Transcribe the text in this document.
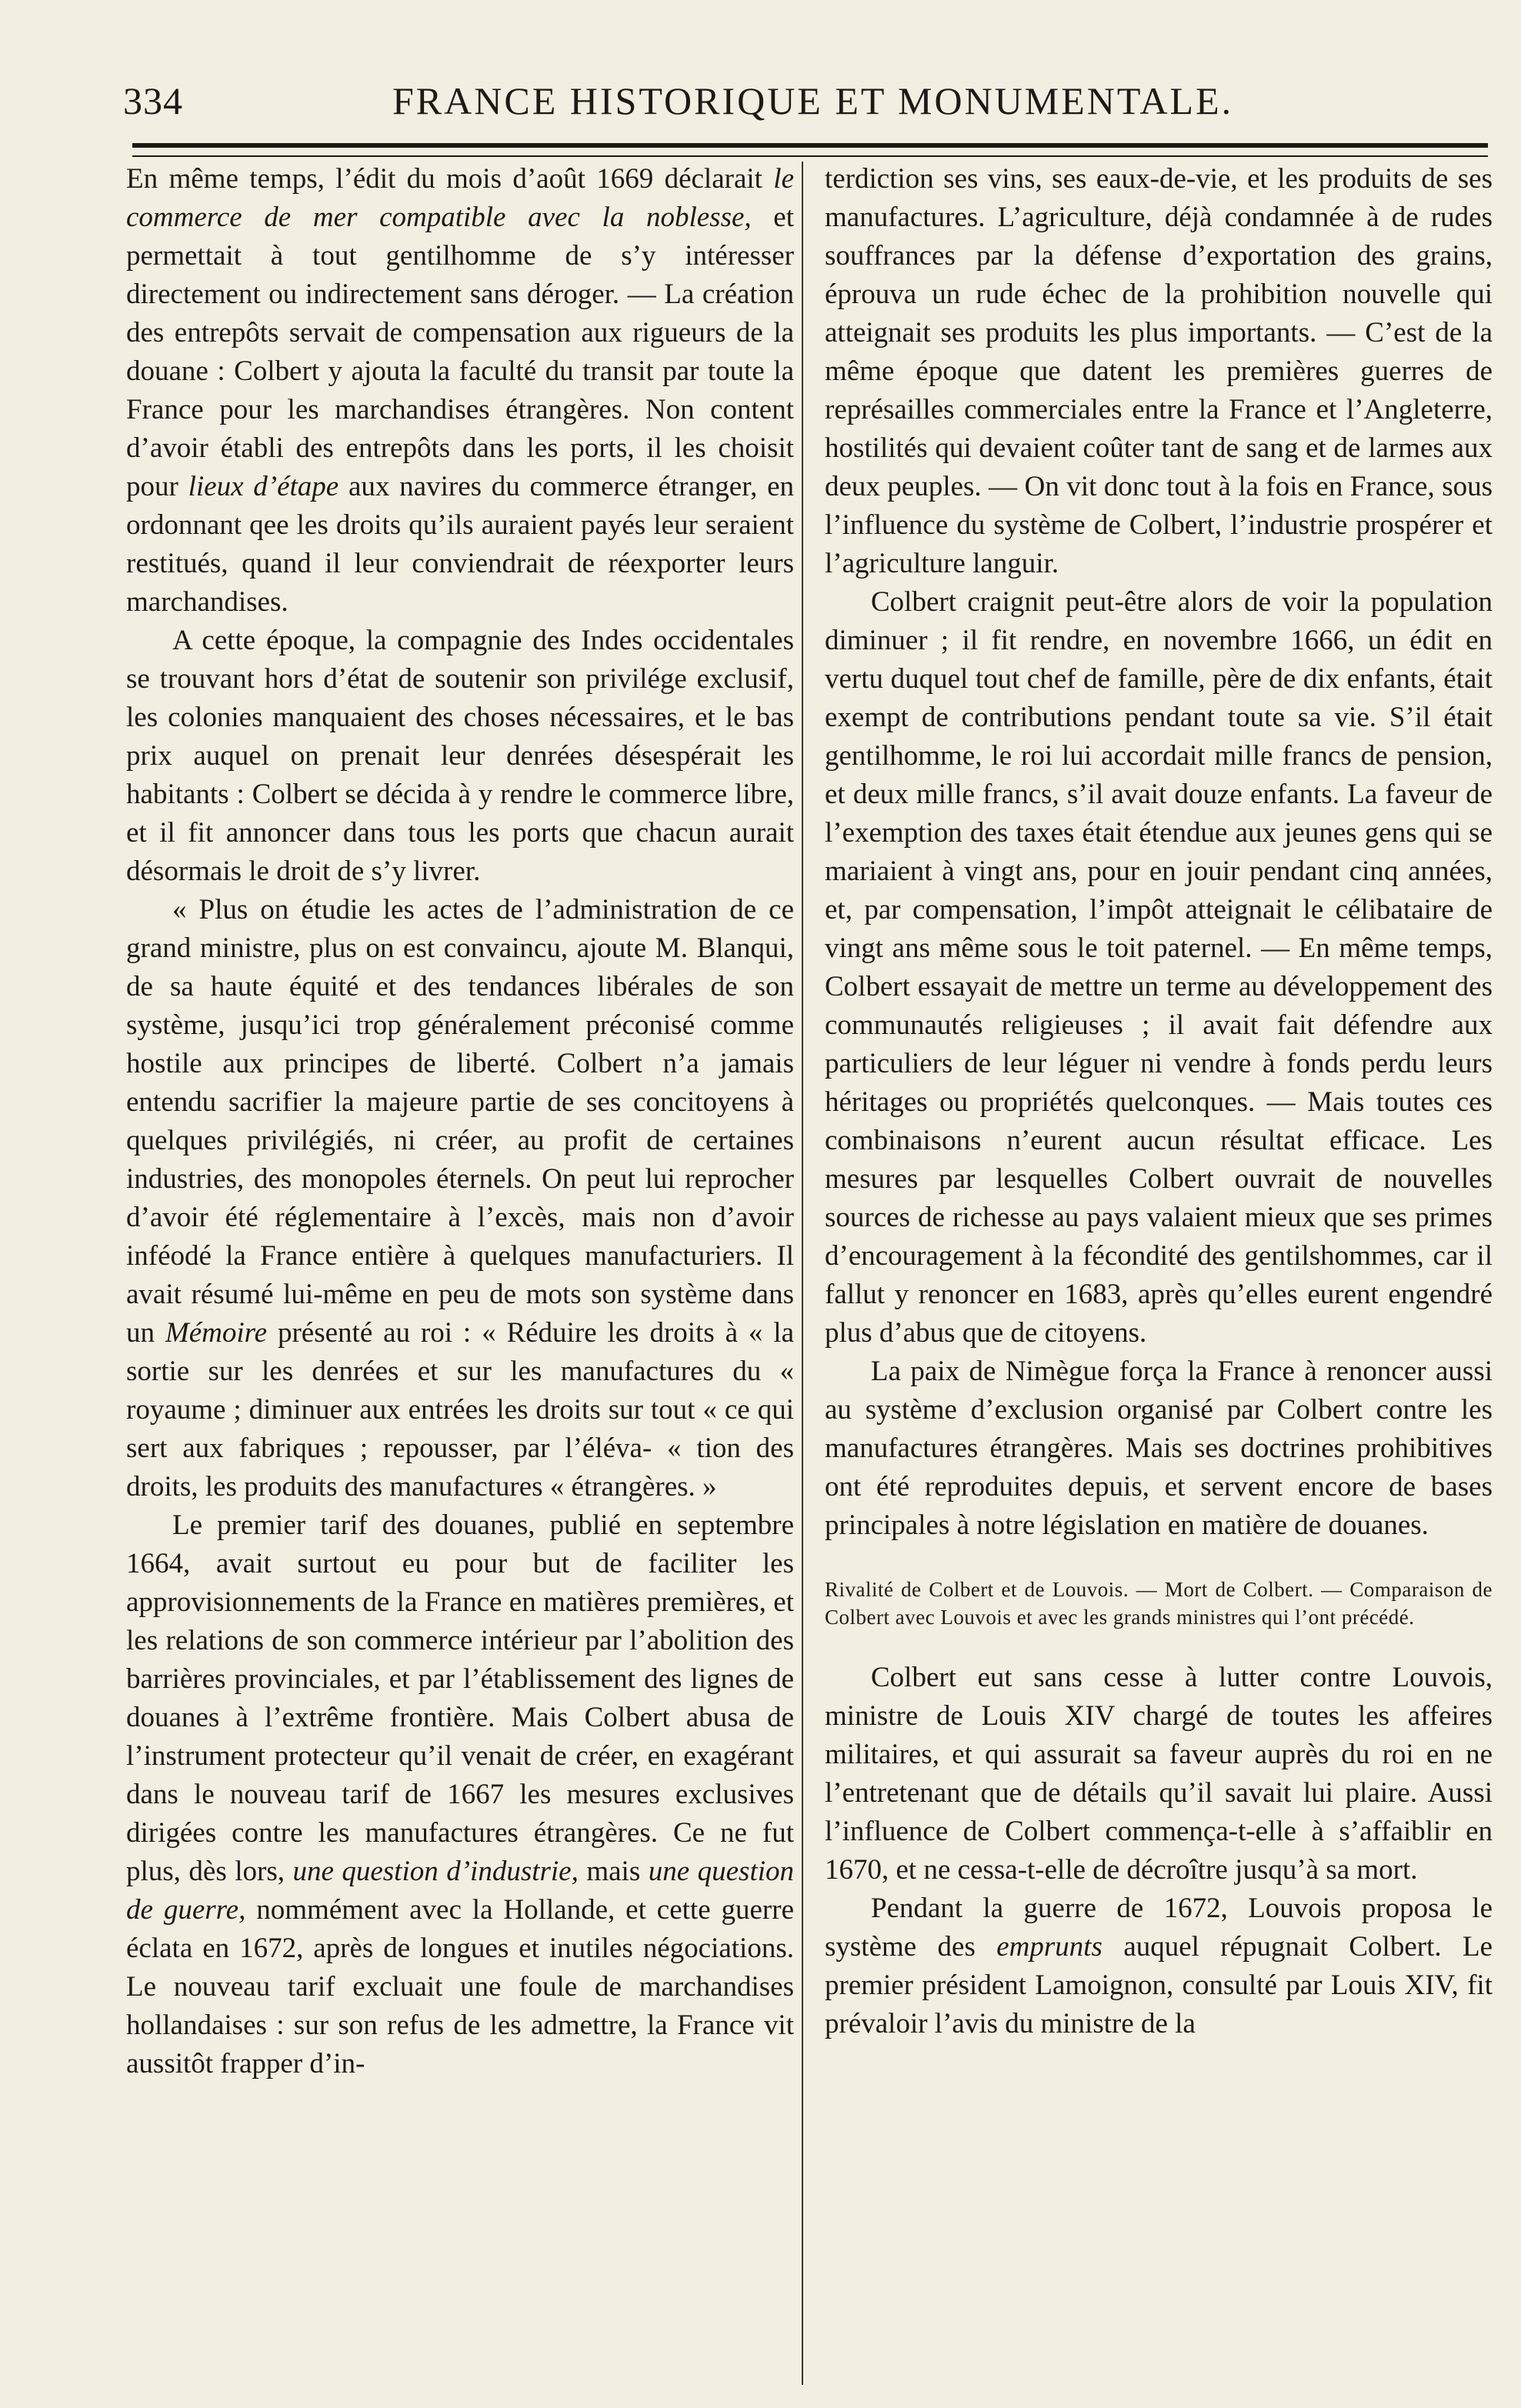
334	FRANCE HISTORIQUE ET MONUMENTALE.

En même temps, l’édit du mois d’août 1669 déclarait le commerce de mer compatible avec la noblesse, et permettait à tout gentilhomme de s’y intéresser directement ou indirectement sans déroger. — La création des entrepôts servait de compensation aux rigueurs de la douane : Colbert y ajouta la faculté du transit par toute la France pour les marchandises étrangères. Non content d’avoir établi des entrepôts dans les ports, il les choisit pour lieux d’étape aux navires du commerce étranger, en ordonnant qee les droits qu’ils auraient payés leur seraient restitués, quand il leur conviendrait de réexporter leurs marchandises.

A cette époque, la compagnie des Indes occidentales se trouvant hors d’état de soutenir son privilége exclusif, les colonies manquaient des choses nécessaires, et le bas prix auquel on prenait leur denrées désespérait les habitants : Colbert se décida à y rendre le commerce libre, et il fit annoncer dans tous les ports que chacun aurait désormais le droit de s’y livrer.

« Plus on étudie les actes de l’administration de ce grand ministre, plus on est convaincu, ajoute M. Blanqui, de sa haute équité et des tendances libérales de son système, jusqu’ici trop généralement préconisé comme hostile aux principes de liberté. Colbert n’a jamais entendu sacrifier la majeure partie de ses concitoyens à quelques privilégiés, ni créer, au profit de certaines industries, des monopoles éternels. On peut lui reprocher d’avoir été réglementaire à l’excès, mais non d’avoir inféodé la France entière à quelques manufacturiers. Il avait résumé lui-même en peu de mots son système dans un Mémoire présenté au roi : « Réduire les droits à « la sortie sur les denrées et sur les manufactures du « royaume ; diminuer aux entrées les droits sur tout « ce qui sert aux fabriques ; repousser, par l’éléva- « tion des droits, les produits des manufactures « étrangères. »

Le premier tarif des douanes, publié en septembre 1664, avait surtout eu pour but de faciliter les approvisionnements de la France en matières premières, et les relations de son commerce intérieur par l’abolition des barrières provinciales, et par l’établissement des lignes de douanes à l’extrême frontière. Mais Colbert abusa de l’instrument protecteur qu’il venait de créer, en exagérant dans le nouveau tarif de 1667 les mesures exclusives dirigées contre les manufactures étrangères. Ce ne fut plus, dès lors, une question d’industrie, mais une question de guerre, nommément avec la Hollande, et cette guerre éclata en 1672, après de longues et inutiles négociations. Le nouveau tarif excluait une foule de marchandises hollandaises : sur son refus de les admettre, la France vit aussitôt frapper d’in-

terdiction ses vins, ses eaux-de-vie, et les produits de ses manufactures. L’agriculture, déjà condamnée à de rudes souffrances par la défense d’exportation des grains, éprouva un rude échec de la prohibition nouvelle qui atteignait ses produits les plus importants. — C’est de la même époque que datent les premières guerres de représailles commerciales entre la France et l’Angleterre, hostilités qui devaient coûter tant de sang et de larmes aux deux peuples. — On vit donc tout à la fois en France, sous l’influence du système de Colbert, l’industrie prospérer et l’agriculture languir.

Colbert craignit peut-être alors de voir la population diminuer ; il fit rendre, en novembre 1666, un édit en vertu duquel tout chef de famille, père de dix enfants, était exempt de contributions pendant toute sa vie. S’il était gentilhomme, le roi lui accordait mille francs de pension, et deux mille francs, s’il avait douze enfants. La faveur de l’exemption des taxes était étendue aux jeunes gens qui se mariaient à vingt ans, pour en jouir pendant cinq années, et, par compensation, l’impôt atteignait le célibataire de vingt ans même sous le toit paternel. — En même temps, Colbert essayait de mettre un terme au développement des communautés religieuses ; il avait fait défendre aux particuliers de leur léguer ni vendre à fonds perdu leurs héritages ou propriétés quelconques. — Mais toutes ces combinaisons n’eurent aucun résultat efficace. Les mesures par lesquelles Colbert ouvrait de nouvelles sources de richesse au pays valaient mieux que ses primes d’encouragement à la fécondité des gentilshommes, car il fallut y renoncer en 1683, après qu’elles eurent engendré plus d’abus que de citoyens.

La paix de Nimègue força la France à renoncer aussi au système d’exclusion organisé par Colbert contre les manufactures étrangères. Mais ses doctrines prohibitives ont été reproduites depuis, et servent encore de bases principales à notre législation en matière de douanes.

Rivalité de Colbert et de Louvois. — Mort de Colbert. — Comparaison de Colbert avec Louvois et avec les grands ministres qui l’ont précédé.

Colbert eut sans cesse à lutter contre Louvois, ministre de Louis XIV chargé de toutes les affeires militaires, et qui assurait sa faveur auprès du roi en ne l’entretenant que de détails qu’il savait lui plaire. Aussi l’influence de Colbert commença-t-elle à s’affaiblir en 1670, et ne cessa-t-elle de décroître jusqu’à sa mort.

Pendant la guerre de 1672, Louvois proposa le système des emprunts auquel répugnait Colbert. Le premier président Lamoignon, consulté par Louis XIV, fit prévaloir l’avis du ministre de la
